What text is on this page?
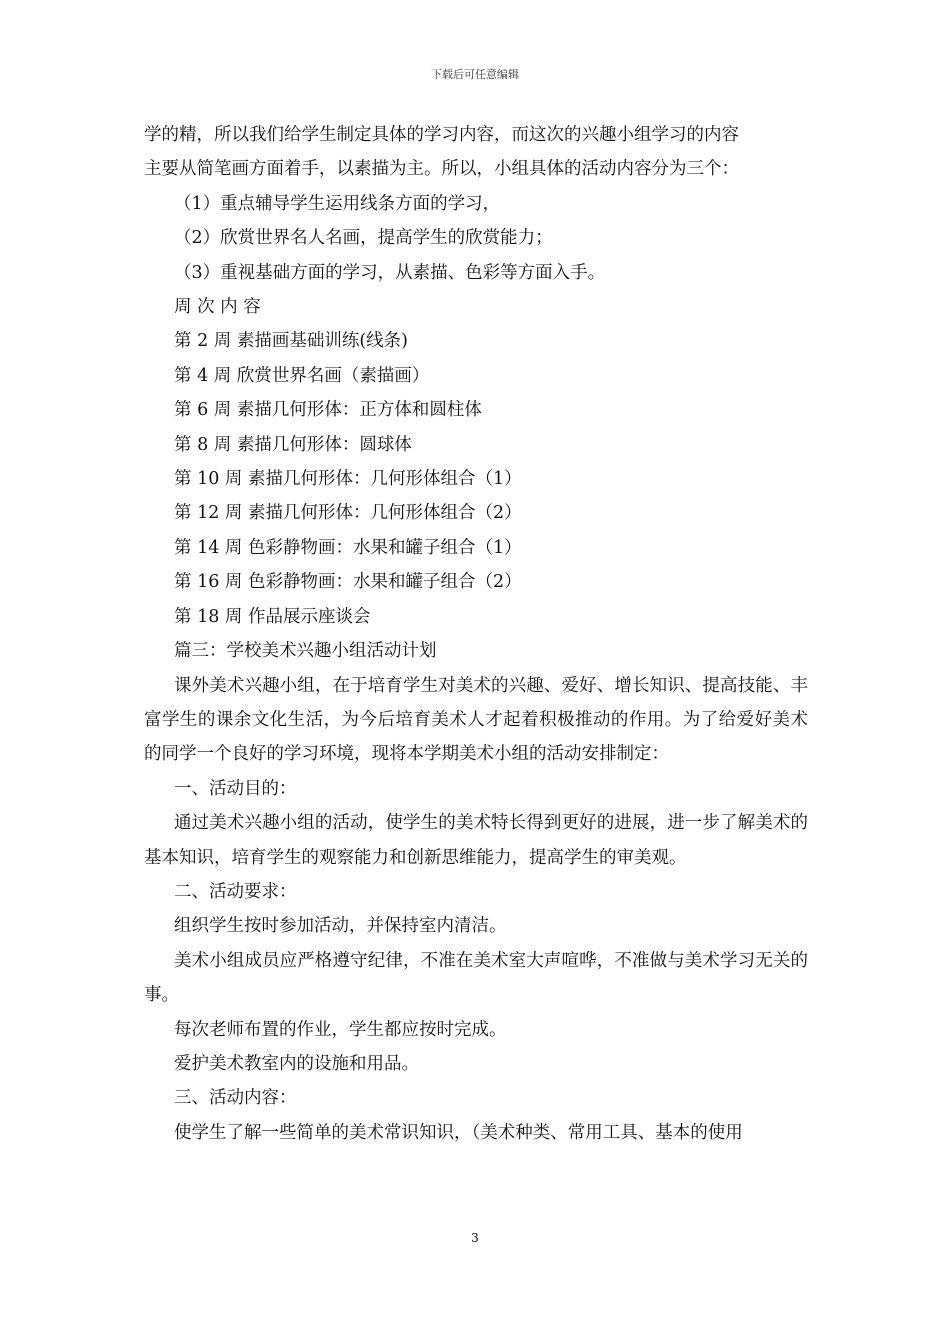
下载后可任意编辑

学的精，所以我们给学生制定具体的学习内容，而这次的兴趣小组学习的内容

主要从简笔画方面着手，以素描为主。所以，小组具体的活动内容分为三个：

（1）重点辅导学生运用线条方面的学习，

（2）欣赏世界名人名画，提高学生的欣赏能力；

（3）重视基础方面的学习，从素描、色彩等方面入手。

周 次 内 容

第 2 周 素描画基础训练(线条)

第 4 周 欣赏世界名画（素描画）

第 6 周 素描几何形体：正方体和圆柱体

第 8 周 素描几何形体：圆球体

第 10 周 素描几何形体：几何形体组合（1）

第 12 周 素描几何形体：几何形体组合（2）

第 14 周 色彩静物画：水果和罐子组合（1）

第 16 周 色彩静物画：水果和罐子组合（2）

第 18 周 作品展示座谈会

篇三：学校美术兴趣小组活动计划

课外美术兴趣小组，在于培育学生对美术的兴趣、爱好、增长知识、提高技能、丰富学生的课余文化生活，为今后培育美术人才起着积极推动的作用。为了给爱好美术的同学一个良好的学习环境，现将本学期美术小组的活动安排制定：

一、活动目的：

通过美术兴趣小组的活动，使学生的美术特长得到更好的进展，进一步了解美术的基本知识，培育学生的观察能力和创新思维能力，提高学生的审美观。

二、活动要求：

组织学生按时参加活动，并保持室内清洁。

美术小组成员应严格遵守纪律，不准在美术室大声喧哗，不准做与美术学习无关的事。

每次老师布置的作业，学生都应按时完成。

爱护美术教室内的设施和用品。

三、活动内容：

使学生了解一些简单的美术常识知识，（美术种类、常用工具、基本的使用

3
